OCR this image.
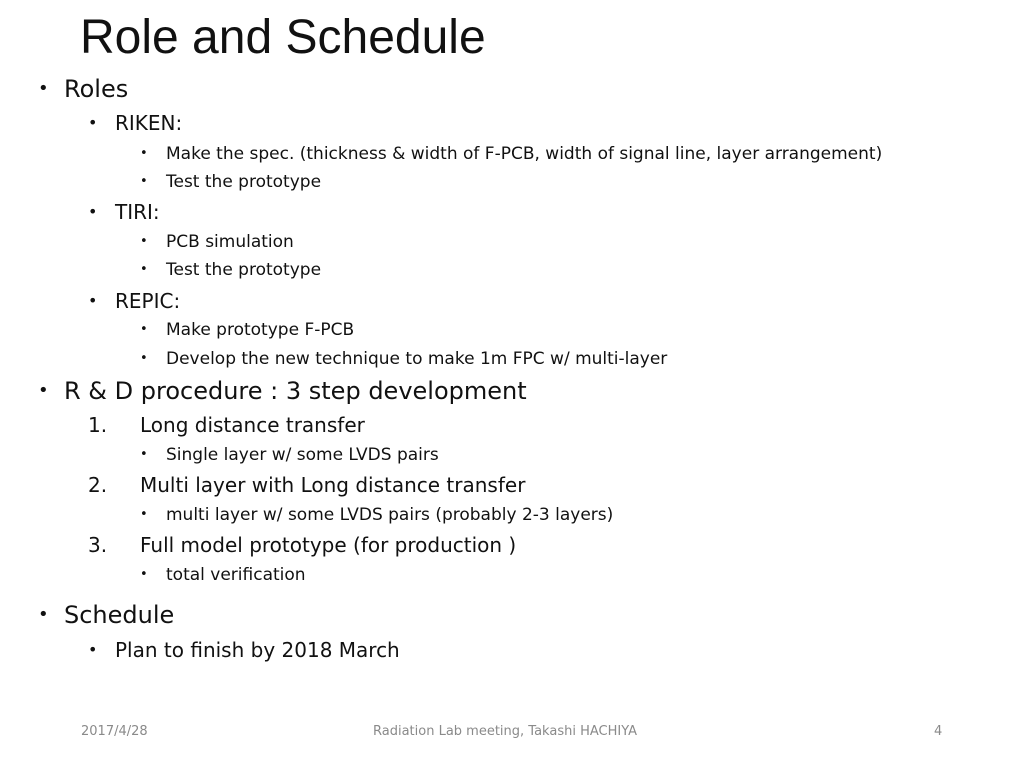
Role and Schedule
• Roles
• RIKEN:
• Make the spec. (thickness & width of F-PCB, width of signal line, layer arrangement)
• Test the prototype
• TIRI:
• PCB simulation
• Test the prototype
• REPIC:
• Make prototype F-PCB
• Develop the new technique to make 1m FPC w/ multi-layer
• R & D procedure : 3 step development
1. Long distance transfer
• Single layer w/ some LVDS pairs
2. Multi layer with Long distance transfer
• multi layer w/ some LVDS pairs (probably 2-3 layers)
3. Full model prototype (for production )
• total verification
• Schedule
• Plan to finish by 2018 March
2017/4/28	Radiation Lab meeting, Takashi HACHIYA	4
